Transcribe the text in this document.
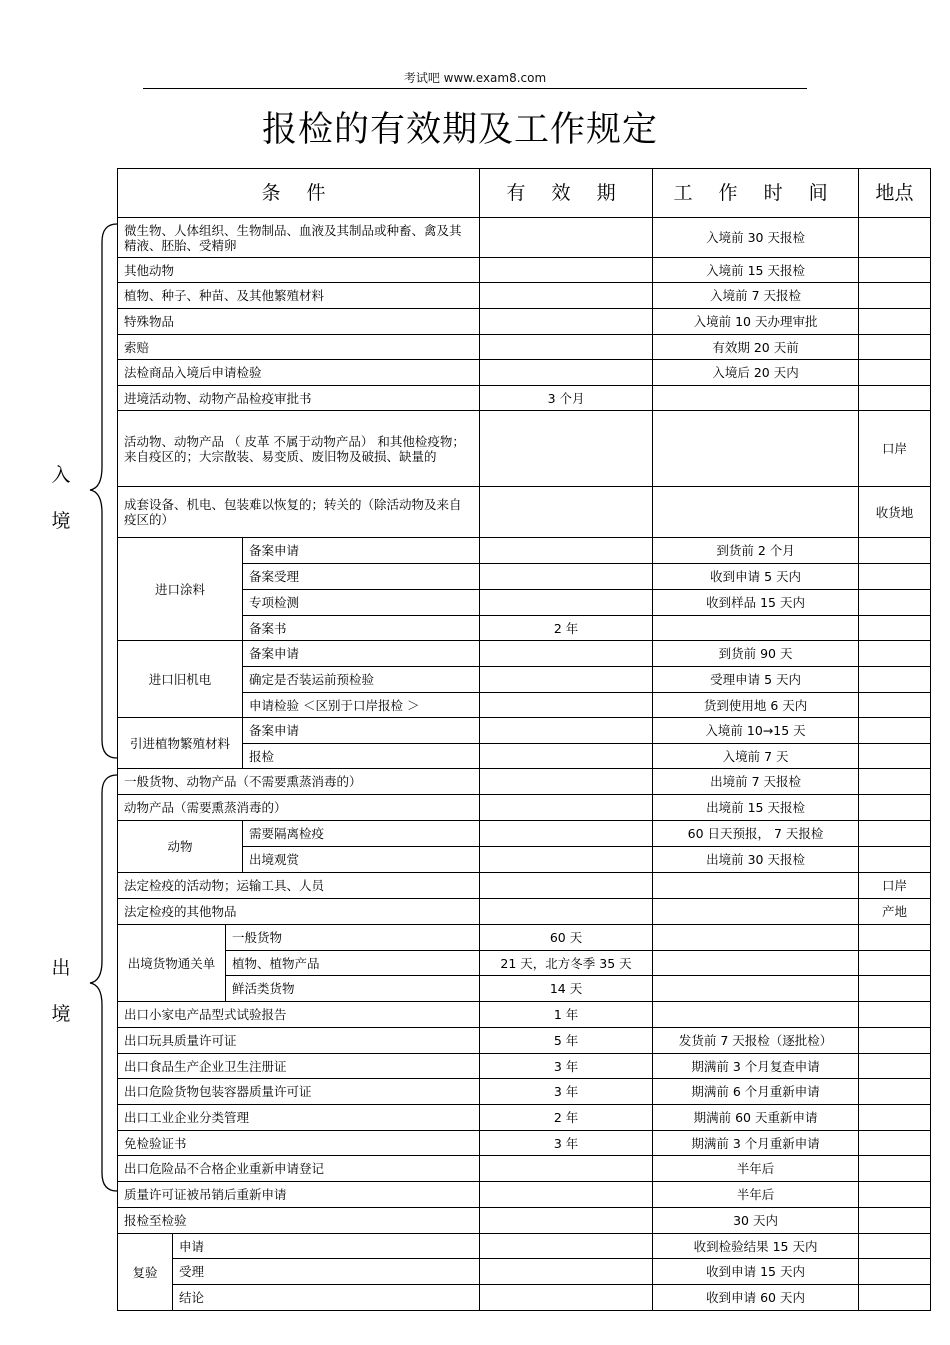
考试吧 www.exam8.com
报检的有效期及工作规定
入
境
出
境
条 件				有 效 期	工 作 时 间	地点
微生物、人体组织、生物制品、血液及其制品或种畜、禽及其精液、胚胎、受精卵					入境前 30 天报检	
其他动物					入境前 15 天报检	
植物、种子、种苗、及其他繁殖材料					入境前 7 天报检	
特殊物品					入境前 10 天办理审批	
索赔					有效期 20 天前	
法检商品入境后申请检验					入境后 20 天内	
进境活动物、动物产品检疫审批书				3 个月		
活动物、动物产品 （ 皮革 不属于动物产品） 和其他检疫物；来自疫区的；大宗散装、易变质、废旧物及破损、缺量的						口岸
成套设备、机电、包装难以恢复的；转关的（除活动物及来自疫区的）						收货地
进口涂料			备案申请		到货前 2 个月	
			备案受理		收到申请 5 天内	
			专项检测		收到样品 15 天内	
			备案书	2 年		
进口旧机电			备案申请		到货前 90 天	
			确定是否装运前预检验		受理申请 5 天内	
			申请检验 ＜区别于口岸报检 ＞		货到使用地 6 天内	
引进植物繁殖材料			备案申请		入境前 10→15 天	
			报检		入境前 7 天	
一般货物、动物产品（不需要熏蒸消毒的）					出境前 7 天报检	
动物产品（需要熏蒸消毒的）					出境前 15 天报检	
动物			需要隔离检疫		60 日天预报， 7 天报检	
			出境观赏		出境前 30 天报检	
法定检疫的活动物；运输工具、人员						口岸
法定检疫的其他物品						产地
出境货物通关单		一般货物		60 天		
		植物、植物产品		21 天，北方冬季 35 天		
		鲜活类货物		14 天		
出口小家电产品型式试验报告				1 年		
出口玩具质量许可证				5 年	发货前 7 天报检（逐批检）	
出口食品生产企业卫生注册证				3 年	期满前 3 个月复查申请	
出口危险货物包装容器质量许可证				3 年	期满前 6 个月重新申请	
出口工业企业分类管理				2 年	期满前 60 天重新申请	
免检验证书				3 年	期满前 3 个月重新申请	
出口危险品不合格企业重新申请登记					半年后	
质量许可证被吊销后重新申请					半年后	
报检至检验					30 天内	
复验	申请				收到检验结果 15 天内	
	受理				收到申请 15 天内	
	结论				收到申请 60 天内	
